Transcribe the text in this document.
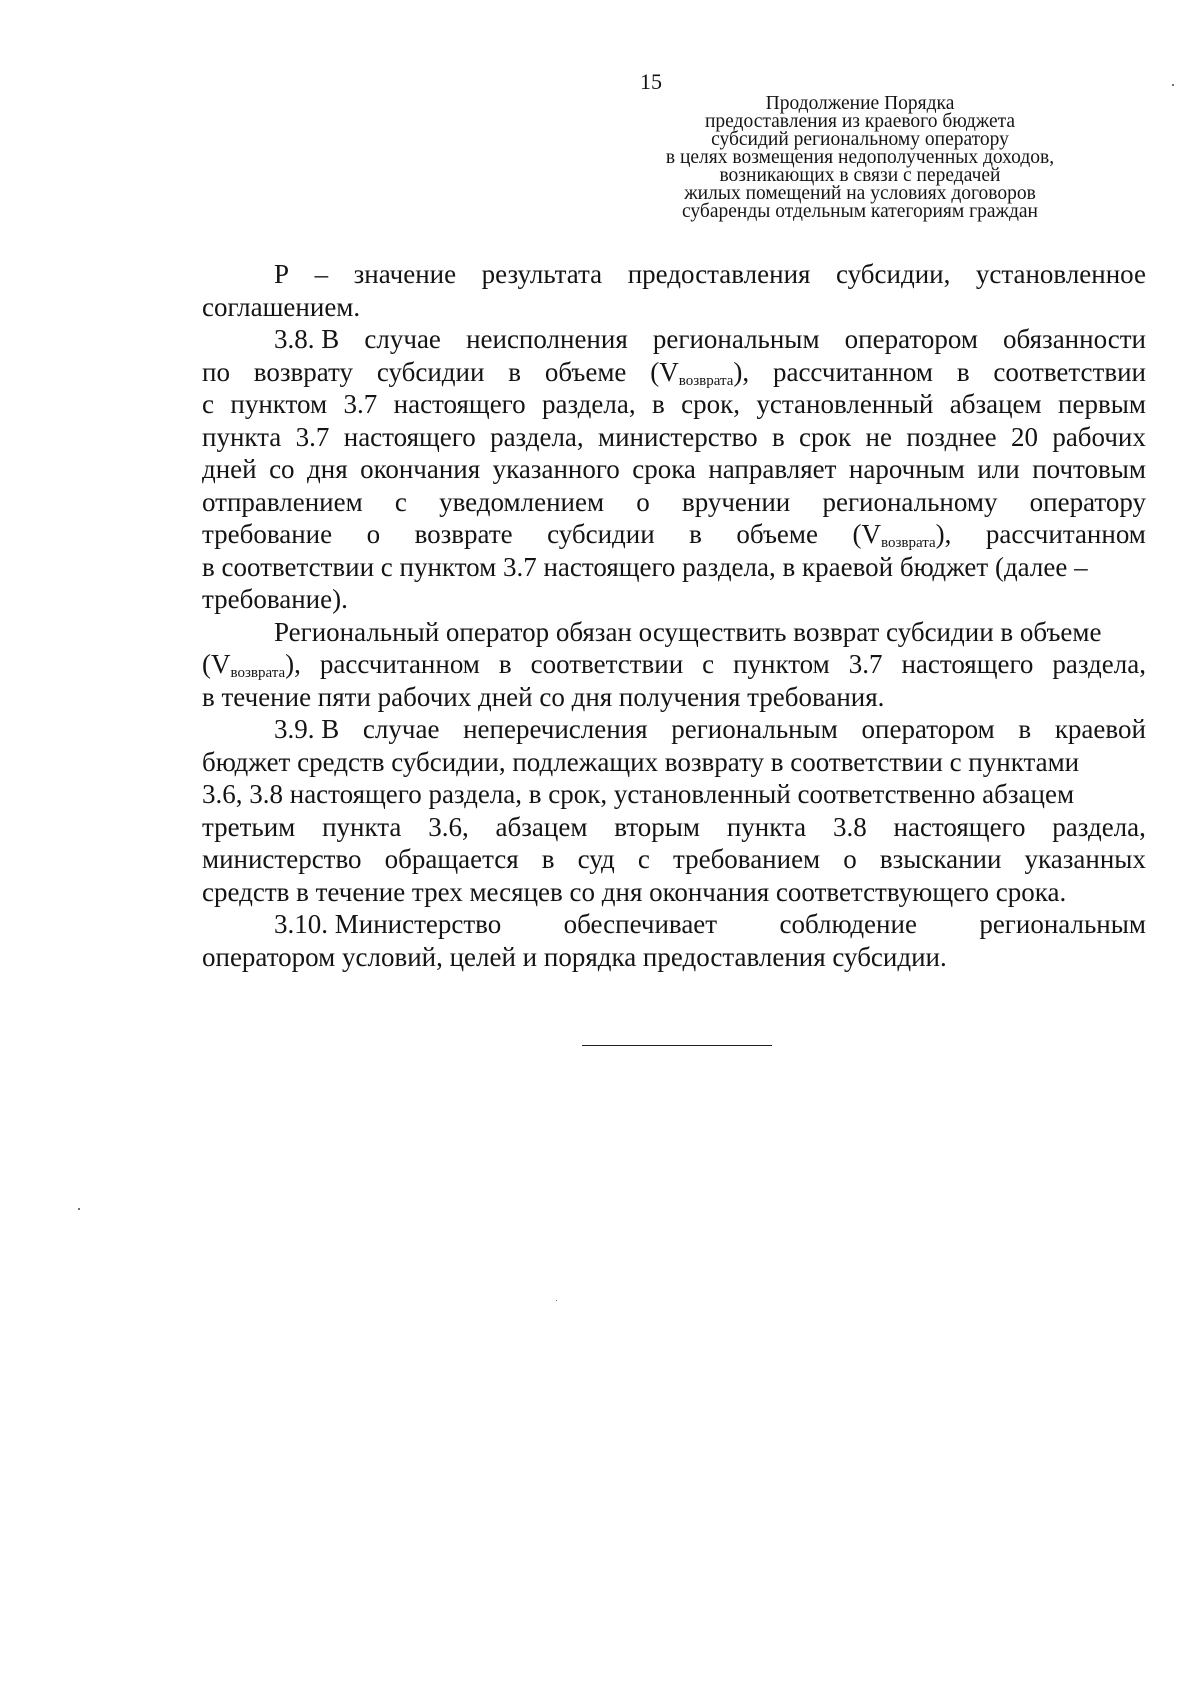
15
Продолжение Порядка
предоставления из краевого бюджета
субсидий региональному оператору
в целях возмещения недополученных доходов,
возникающих в связи с передачей
жилых помещений на условиях договоров
субаренды отдельным категориям граждан
Р – значение результата предоставления субсидии, установленное
соглашением.
3.8. В случае неисполнения региональным оператором обязанности
по возврату субсидии в объеме $(V_{возврата})$, рассчитанном в соответствии
с пунктом 3.7 настоящего раздела, в срок, установленный абзацем первым
пункта 3.7 настоящего раздела, министерство в срок не позднее 20 рабочих
дней со дня окончания указанного срока направляет нарочным или почтовым
отправлением с уведомлением о вручении региональному оператору
требование о возврате субсидии в объеме $(V_{возврата})$, рассчитанном
в соответствии с пунктом 3.7 настоящего раздела, в краевой бюджет (далее –
требование).
Региональный оператор обязан осуществить возврат субсидии в объеме
$(V_{возврата})$, рассчитанном в соответствии с пунктом 3.7 настоящего раздела,
в течение пяти рабочих дней со дня получения требования.
3.9. В случае неперечисления региональным оператором в краевой
бюджет средств субсидии, подлежащих возврату в соответствии с пунктами
3.6, 3.8 настоящего раздела, в срок, установленный соответственно абзацем
третьим пункта 3.6, абзацем вторым пункта 3.8 настоящего раздела,
министерство обращается в суд с требованием о взыскании указанных
средств в течение трех месяцев со дня окончания соответствующего срока.
3.10. Министерство обеспечивает соблюдение региональным
оператором условий, целей и порядка предоставления субсидии.
